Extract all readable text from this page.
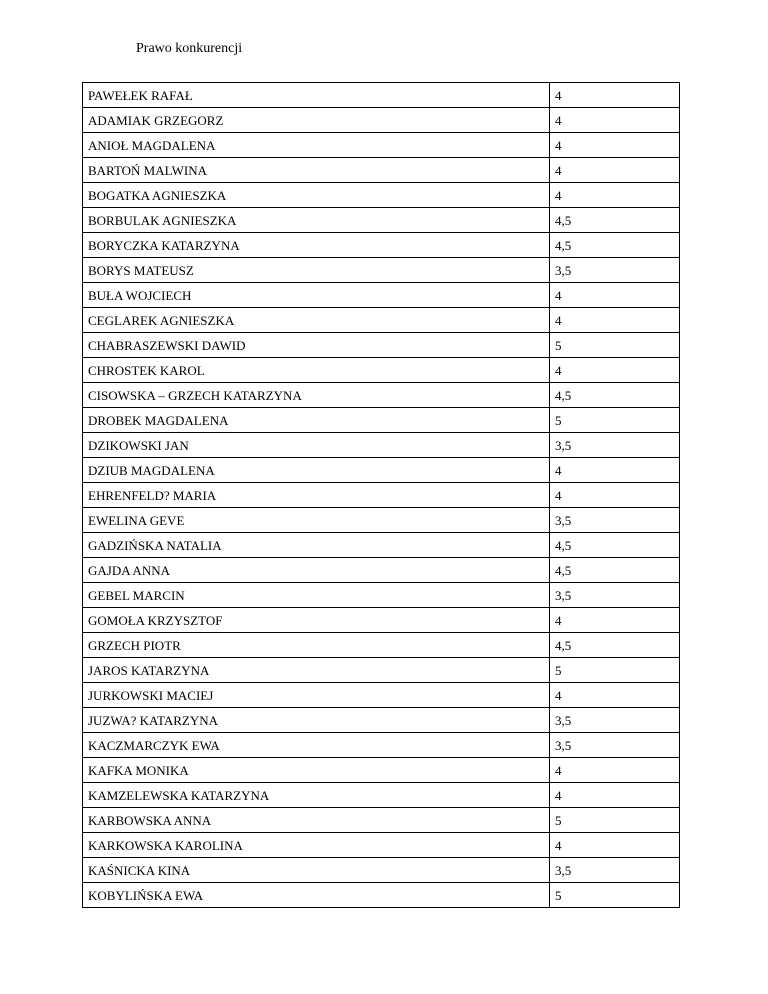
Prawo konkurencji
PAWEŁEK RAFAŁ	4
ADAMIAK GRZEGORZ	4
ANIOŁ MAGDALENA	4
BARTOŃ MALWINA	4
BOGATKA AGNIESZKA	4
BORBULAK AGNIESZKA	4,5
BORYCZKA KATARZYNA	4,5
BORYS MATEUSZ	3,5
BUŁA WOJCIECH	4
CEGLAREK AGNIESZKA	4
CHABRASZEWSKI DAWID	5
CHROSTEK KAROL	4
CISOWSKA – GRZECH KATARZYNA	4,5
DROBEK MAGDALENA	5
DZIKOWSKI JAN	3,5
DZIUB MAGDALENA	4
EHRENFELD? MARIA	4
EWELINA GEVE	3,5
GADZIŃSKA NATALIA	4,5
GAJDA ANNA	4,5
GEBEL MARCIN	3,5
GOMOŁA KRZYSZTOF	4
GRZECH PIOTR	4,5
JAROS KATARZYNA	5
JURKOWSKI MACIEJ	4
JUZWA? KATARZYNA	3,5
KACZMARCZYK EWA	3,5
KAFKA MONIKA	4
KAMZELEWSKA KATARZYNA	4
KARBOWSKA ANNA	5
KARKOWSKA KAROLINA	4
KAŚNICKA KINA	3,5
KOBYLIŃSKA EWA	5
